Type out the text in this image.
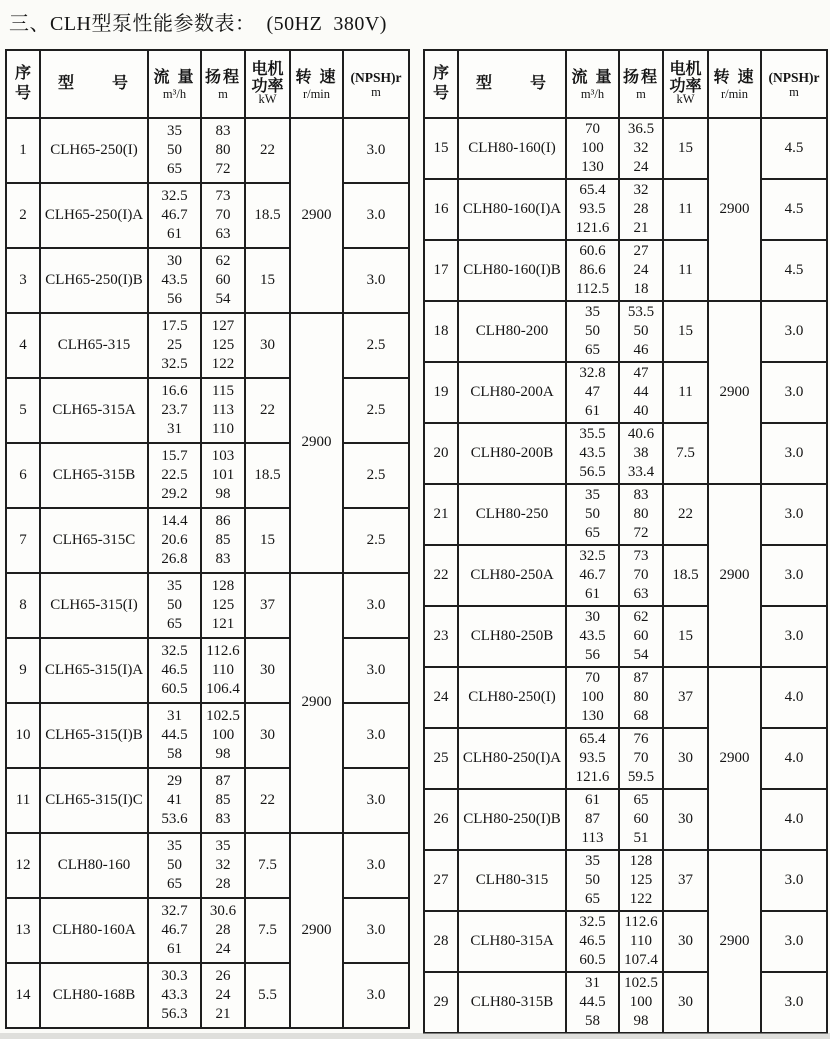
三、CLH型泵性能参数表：  (50HZ  380V)
序
号

型　　号	流 量
m³/h

扬程
m

电机
功率
kW

转 速
r/min

(NPSH)r
m

1	CLH65-250(I)	35
50
65	83
80
72	22	2900	3.0
2	CLH65-250(I)A	32.5
46.7
61	73
70
63	18.5		3.0
3	CLH65-250(I)B	30
43.5
56	62
60
54	15		3.0
4	CLH65-315	17.5
25
32.5	127
125
122	30	2900	2.5
5	CLH65-315A	16.6
23.7
31	115
113
110	22		2.5
6	CLH65-315B	15.7
22.5
29.2	103
101
98	18.5		2.5
7	CLH65-315C	14.4
20.6
26.8	86
85
83	15		2.5
8	CLH65-315(I)	35
50
65	128
125
121	37	2900	3.0
9	CLH65-315(I)A	32.5
46.5
60.5	112.6
110
106.4	30		3.0
10	CLH65-315(I)B	31
44.5
58	102.5
100
98	30		3.0
11	CLH65-315(I)C	29
41
53.6	87
85
83	22		3.0
12	CLH80-160	35
50
65	35
32
28	7.5	2900	3.0
13	CLH80-160A	32.7
46.7
61	30.6
28
24	7.5		3.0
14	CLH80-168B	30.3
43.3
56.3	26
24
21	5.5		3.0
序
号

型　　号	流 量
m³/h

扬程
m

电机
功率
kW

转 速
r/min

(NPSH)r
m

15	CLH80-160(I)	70
100
130	36.5
32
24	15	2900	4.5
16	CLH80-160(I)A	65.4
93.5
121.6	32
28
21	11		4.5
17	CLH80-160(I)B	60.6
86.6
112.5	27
24
18	11		4.5
18	CLH80-200	35
50
65	53.5
50
46	15	2900	3.0
19	CLH80-200A	32.8
47
61	47
44
40	11		3.0
20	CLH80-200B	35.5
43.5
56.5	40.6
38
33.4	7.5		3.0
21	CLH80-250	35
50
65	83
80
72	22	2900	3.0
22	CLH80-250A	32.5
46.7
61	73
70
63	18.5		3.0
23	CLH80-250B	30
43.5
56	62
60
54	15		3.0
24	CLH80-250(I)	70
100
130	87
80
68	37	2900	4.0
25	CLH80-250(I)A	65.4
93.5
121.6	76
70
59.5	30		4.0
26	CLH80-250(I)B	61
87
113	65
60
51	30		4.0
27	CLH80-315	35
50
65	128
125
122	37	2900	3.0
28	CLH80-315A	32.5
46.5
60.5	112.6
110
107.4	30		3.0
29	CLH80-315B	31
44.5
58	102.5
100
98	30		3.0
